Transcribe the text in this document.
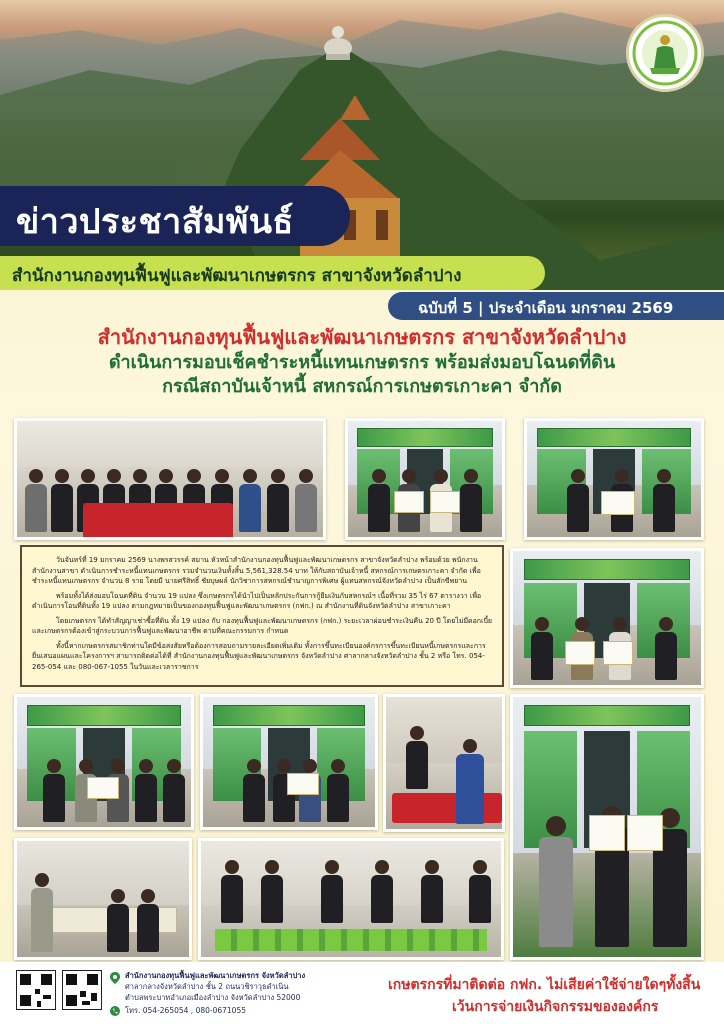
ข่าวประชาสัมพันธ์
สำนักงานกองทุนฟื้นฟูและพัฒนาเกษตรกร สาขาจังหวัดลำปาง
ฉบับที่ 5 | ประจำเดือน มกราคม 2569
สำนักงานกองทุนฟื้นฟูและพัฒนาเกษตรกร สาขาจังหวัดลำปาง
ดำเนินการมอบเช็คชำระหนี้แทนเกษตรกร พร้อมส่งมอบโฉนดที่ดิน
กรณีสถาบันเจ้าหนี้ สหกรณ์การเกษตรเกาะคา จำกัด

วันจันทร์ที่ 19 มกราคม 2569 นางพรสวรรค์ สมาน หัวหน้าสำนักงานกองทุนฟื้นฟูและพัฒนาเกษตรกร สาขาจังหวัดลำปาง พร้อมด้วย พนักงานสำนักงานสาขา ดำเนินการชำระหนี้แทนเกษตรกร รวมจำนวนเงินทั้งสิ้น 5,561,328.54 บาท ให้กับสถาบันเจ้าหนี้ สหกรณ์การเกษตรเกาะคา จำกัด เพื่อชำระหนี้แทนเกษตรกร จำนวน 8 ราย โดยมี นายศรีสิทธิ์ ชัยบุษผล์ นักวิชาการสหกรณ์ชำนาญการพิเศษ ผู้แทนสหกรณ์จังหวัดลำปาง เป็นสักขีพยาน

พร้อมทั้งได้ส่งมอบโฉนดที่ดิน จำนวน 19 แปลง ซึ่งเกษตรกรได้นำไปเป็นหลักประกันการกู้ยืมเงินกับสหกรณ์ฯ เนื้อที่รวม 35 ไร่ 67 ตารางวา เพื่อดำเนินการโอนที่ดินทั้ง 19 แปลง ตามกฎหมายเป็นของกองทุนฟื้นฟูและพัฒนาเกษตรกร (กฟก.) ณ สำนักงานที่ดินจังหวัดลำปาง สาขาเกาะคา

โดยเกษตรกร ได้ทำสัญญาเช่าซื้อที่ดิน ทั้ง 19 แปลง กับ กองทุนฟื้นฟูและพัฒนาเกษตรกร (กฟก.) ระยะเวลาผ่อนชำระเงินคืน 20 ปี โดยไม่มีดอกเบี้ย และเกษตรกรต้องเข้าสู่กระบวนการฟื้นฟูและพัฒนาอาชีพ ตามที่คณะกรรมการ กำหนด

ทั้งนี้หากเกษตรกรสมาชิกท่านใดมีข้อสงสัยหรือต้องการสอบถามรายละเอียดเพิ่มเติม ทั้งการขึ้นทะเบียนองค์กรการขึ้นทะเบียนหนี้เกษตรกรและการยื่นเสนอแผนและโครงการฯ สามารถติดต่อได้ที่ สำนักงานกองทุนฟื้นฟูและพัฒนาเกษตรกร จังหวัดลำปาง ศาลากลางจังหวัดลำปาง ชั้น 2 หรือ โทร. 054-265-054 และ 080-067-1055 ในวันและเวลาราชการ

สำนักงานกองทุนฟื้นฟูและพัฒนาเกษตรกร จังหวัดลำปาง
ศาลากลางจังหวัดลำปาง ชั้น 2 ถนนวชิราวุธดำเนิน
ตำบลพระบาทอำเภอเมืองลำปาง จังหวัดลำปาง 52000
โทร. 054-265054 , 080-0671055
เกษตรกรที่มาติดต่อ กฟก. ไม่เสียค่าใช้จ่ายใดๆทั้งสิ้น
เว้นการจ่ายเงินกิจกรรมขององค์กร
